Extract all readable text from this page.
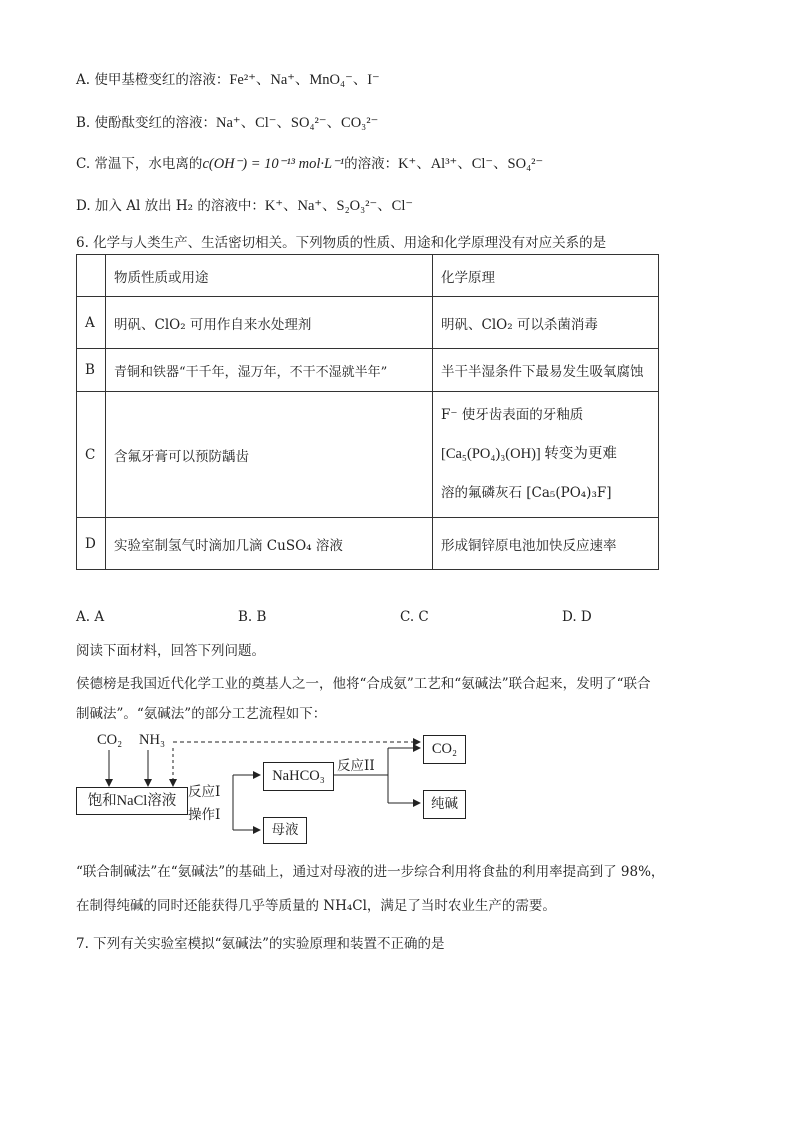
A. 使甲基橙变红的溶液：Fe²⁺、Na⁺、MnO₄⁻、I⁻
B. 使酚酞变红的溶液：Na⁺、Cl⁻、SO₄²⁻、CO₃²⁻
C. 常温下，水电离的c(OH⁻) = 10⁻¹³ mol·L⁻¹的溶液：K⁺、Al³⁺、Cl⁻、SO₄²⁻
D. 加入 Al 放出 H₂ 的溶液中：K⁺、Na⁺、S₂O₃²⁻、Cl⁻
6. 化学与人类生产、生活密切相关。下列物质的性质、用途和化学原理没有对应关系的是
	物质性质或用途	化学原理
A	明矾、ClO₂ 可用作自来水处理剂	明矾、ClO₂ 可以杀菌消毒
B	青铜和铁器“干千年，湿万年，不干不湿就半年”	半干半湿条件下最易发生吸氧腐蚀
C	含氟牙膏可以预防龋齿	F⁻ 使牙齿表面的牙釉质
[Ca₅(PO₄)₃(OH)] 转变为更难
溶的氟磷灰石 [Ca₅(PO₄)₃F]

D	实验室制氢气时滴加几滴 CuSO₄ 溶液	形成铜锌原电池加快反应速率
A. A	B. B	C. C	D. D
阅读下面材料，回答下列问题。
侯德榜是我国近代化学工业的奠基人之一，他将“合成氨”工艺和“氨碱法”联合起来，发明了“联合
制碱法”。“氨碱法”的部分工艺流程如下：
CO₂ NH₃
饱和NaCl溶液
反应I
操作I
NaHCO₃
母液
反应II
CO₂
纯碱
“联合制碱法”在“氨碱法”的基础上，通过对母液的进一步综合利用将食盐的利用率提高到了 98%，
在制得纯碱的同时还能获得几乎等质量的 NH₄Cl，满足了当时农业生产的需要。
7. 下列有关实验室模拟“氨碱法”的实验原理和装置不正确的是
